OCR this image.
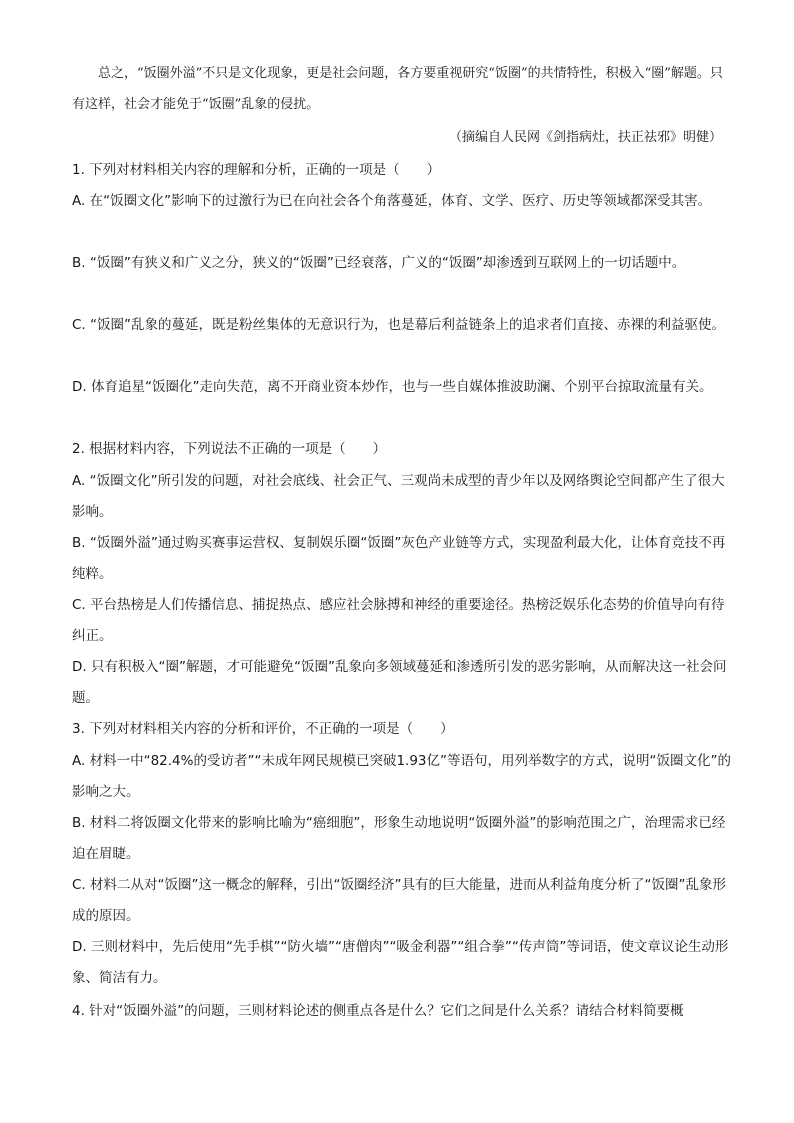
总之，“饭圈外溢”不只是文化现象，更是社会问题，各方要重视研究“饭圈”的共情特性，积极入“圈”解题。只有这样，社会才能免于“饭圈”乱象的侵扰。

（摘编自人民网《剑指病灶，扶正祛邪》明健）

1. 下列对材料相关内容的理解和分析，正确的一项是（　　）

A. 在“饭圈文化”影响下的过激行为已在向社会各个角落蔓延，体育、文学、医疗、历史等领域都深受其害。

B. “饭圈”有狭义和广义之分，狭义的“饭圈”已经衰落，广义的“饭圈”却渗透到互联网上的一切话题中。

C. “饭圈”乱象的蔓延，既是粉丝集体的无意识行为，也是幕后利益链条上的追求者们直接、赤裸的利益驱使。

D. 体育追星“饭圈化”走向失范，离不开商业资本炒作，也与一些自媒体推波助澜、个别平台掠取流量有关。

2. 根据材料内容，下列说法不正确的一项是（　　）

A. “饭圈文化”所引发的问题，对社会底线、社会正气、三观尚未成型的青少年以及网络舆论空间都产生了很大影响。

B. “饭圈外溢”通过购买赛事运营权、复制娱乐圈“饭圈”灰色产业链等方式，实现盈利最大化，让体育竞技不再纯粹。

C. 平台热榜是人们传播信息、捕捉热点、感应社会脉搏和神经的重要途径。热榜泛娱乐化态势的价值导向有待纠正。

D. 只有积极入“圈”解题，才可能避免“饭圈”乱象向多领域蔓延和渗透所引发的恶劣影响，从而解决这一社会问题。

3. 下列对材料相关内容的分析和评价，不正确的一项是（　　）

A. 材料一中“82.4%的受访者”“未成年网民规模已突破1.93亿”等语句，用列举数字的方式，说明“饭圈文化”的影响之大。

B. 材料二将饭圈文化带来的影响比喻为“癌细胞”，形象生动地说明“饭圈外溢”的影响范围之广，治理需求已经迫在眉睫。

C. 材料二从对“饭圈”这一概念的解释，引出“饭圈经济”具有的巨大能量，进而从利益角度分析了“饭圈”乱象形成的原因。

D. 三则材料中，先后使用“先手棋”“防火墙”“唐僧肉”“吸金利器”“组合拳”“传声筒”等词语，使文章议论生动形象、简洁有力。

4. 针对“饭圈外溢”的问题，三则材料论述的侧重点各是什么？它们之间是什么关系？请结合材料简要概
